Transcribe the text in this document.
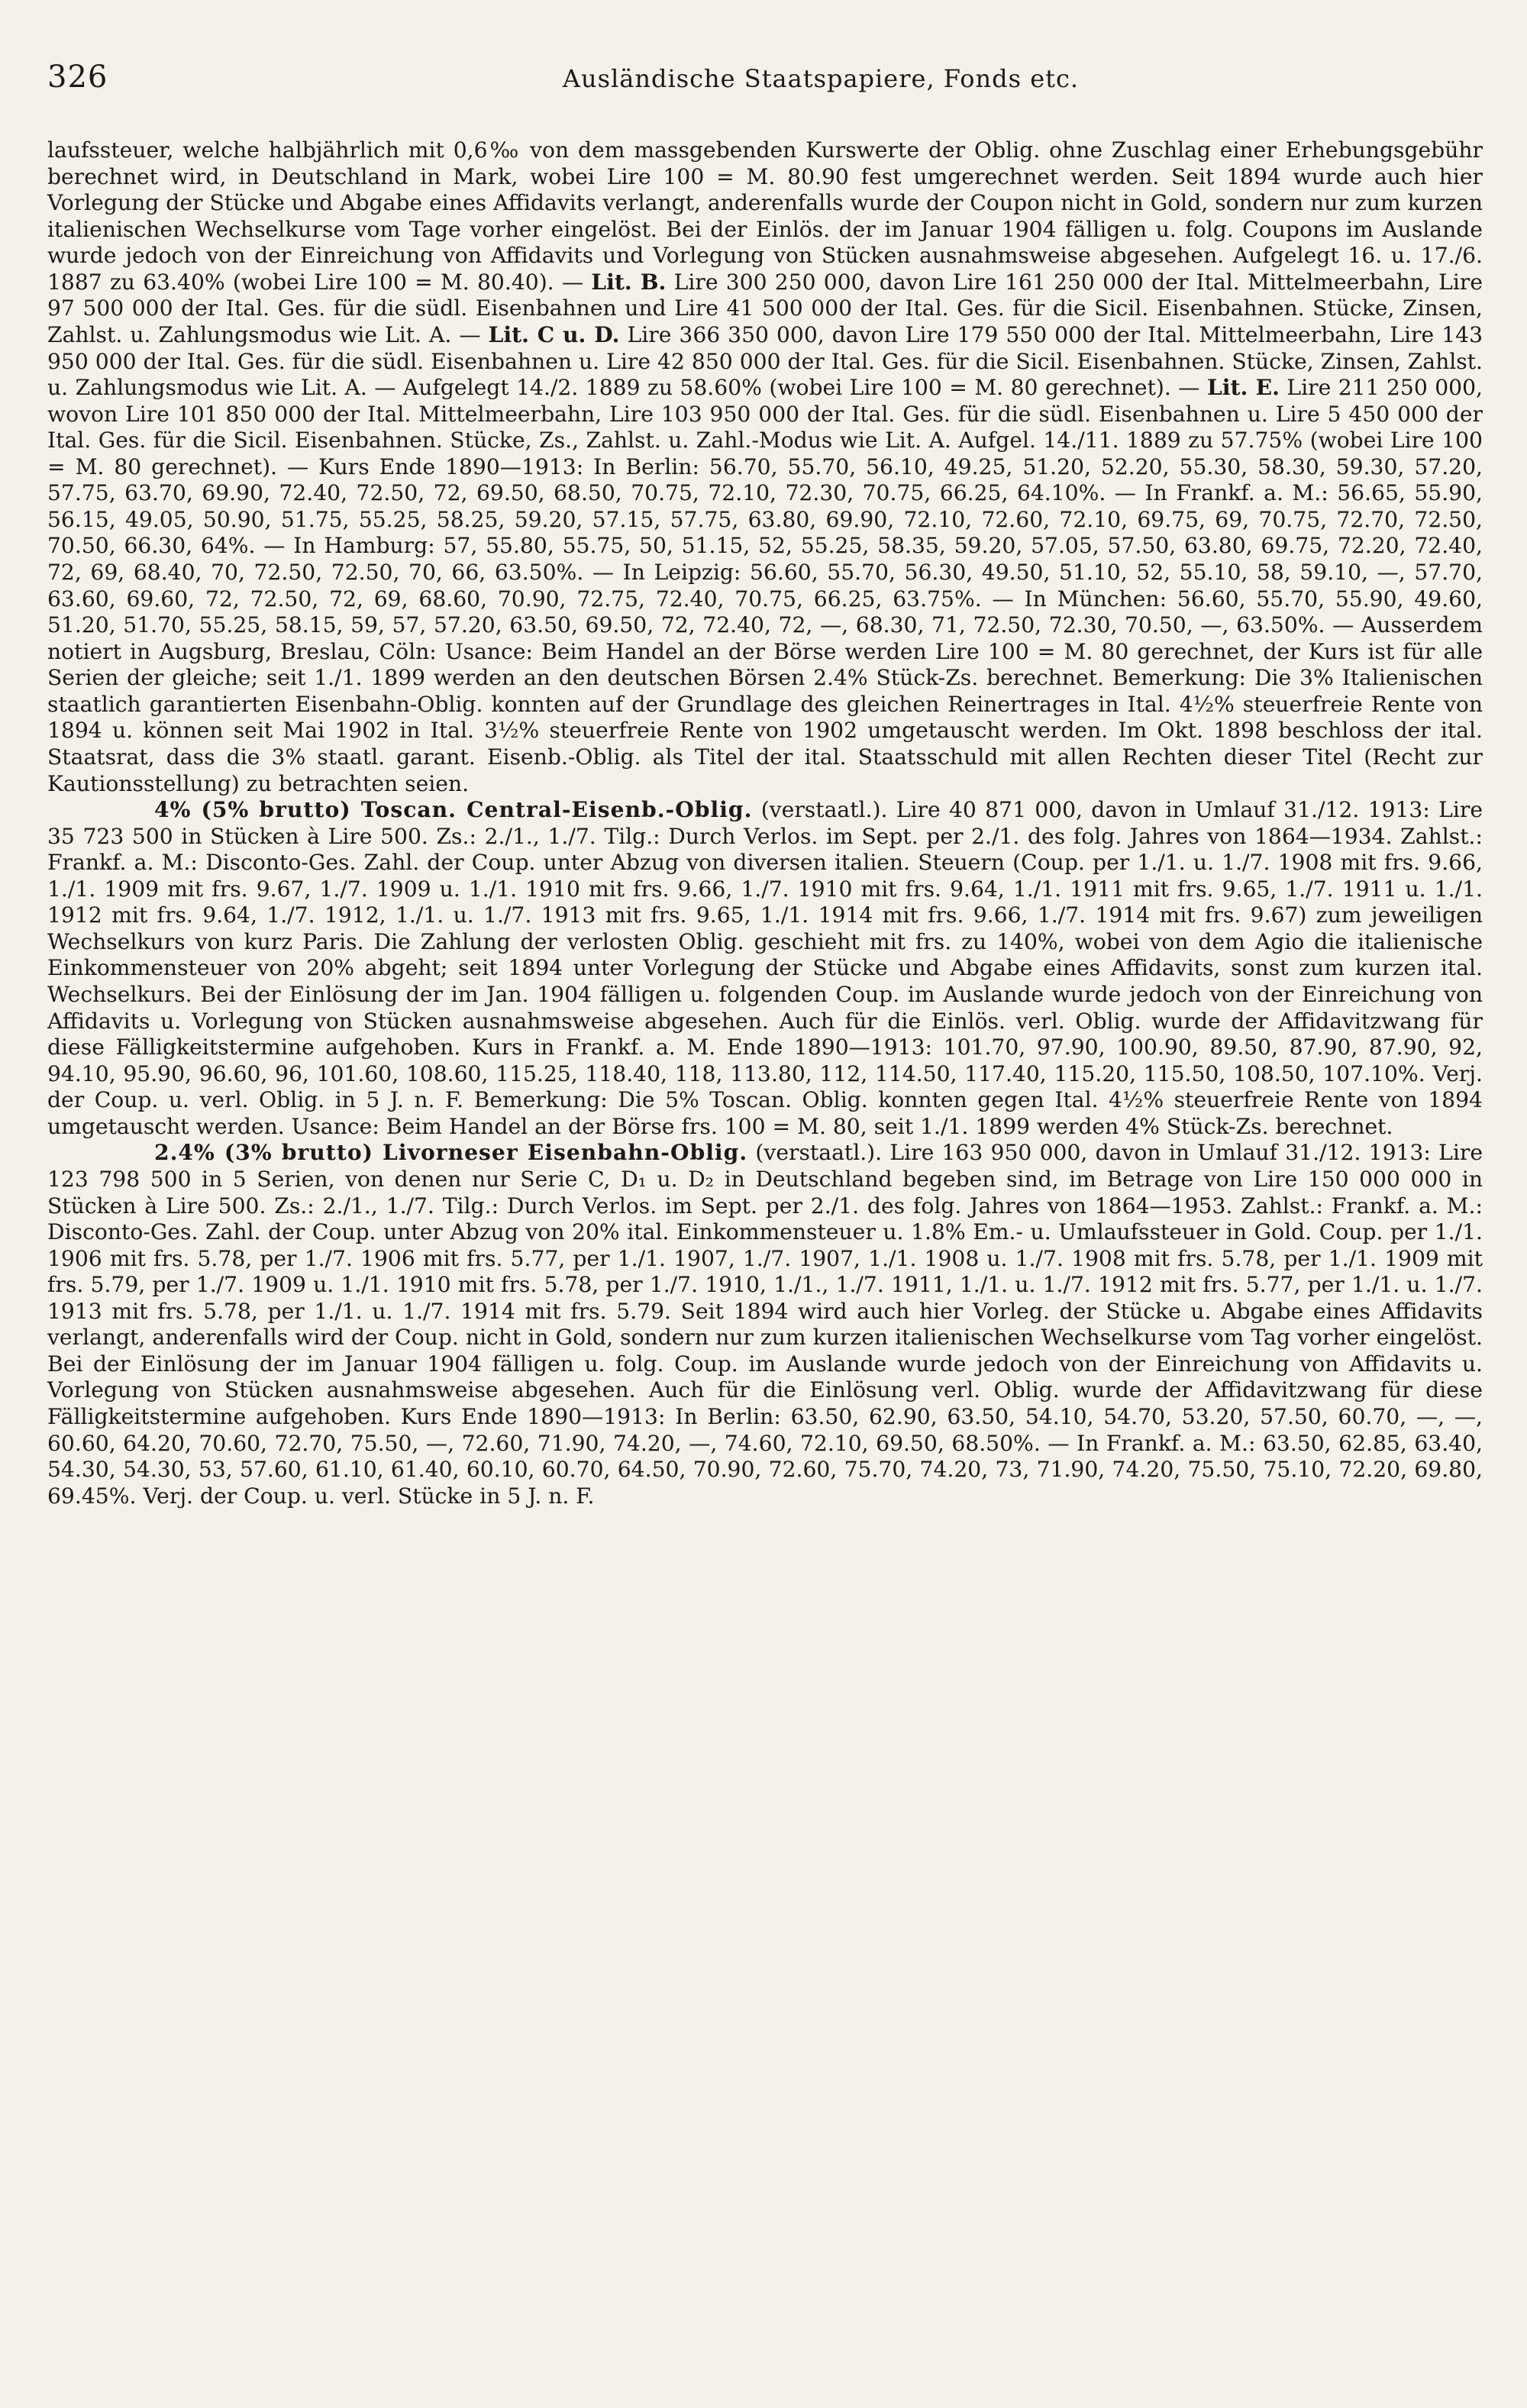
326	Ausländische Staatspapiere, Fonds etc.

laufssteuer, welche halbjährlich mit 0,6‰ von dem massgebenden Kurswerte der Oblig. ohne Zuschlag einer Erhebungsgebühr berechnet wird, in Deutschland in Mark, wobei Lire 100 = M. 80.90 fest umgerechnet werden. Seit 1894 wurde auch hier Vorlegung der Stücke und Abgabe eines Affidavits verlangt, anderenfalls wurde der Coupon nicht in Gold, sondern nur zum kurzen italienischen Wechselkurse vom Tage vorher eingelöst. Bei der Einlös. der im Januar 1904 fälligen u. folg. Coupons im Auslande wurde jedoch von der Einreichung von Affidavits und Vorlegung von Stücken ausnahmsweise abgesehen. Aufgelegt 16. u. 17./6. 1887 zu 63.40% (wobei Lire 100 = M. 80.40). — Lit. B. Lire 300 250 000, davon Lire 161 250 000 der Ital. Mittelmeerbahn, Lire 97 500 000 der Ital. Ges. für die südl. Eisenbahnen und Lire 41 500 000 der Ital. Ges. für die Sicil. Eisenbahnen. Stücke, Zinsen, Zahlst. u. Zahlungsmodus wie Lit. A. — Lit. C u. D. Lire 366 350 000, davon Lire 179 550 000 der Ital. Mittelmeerbahn, Lire 143 950 000 der Ital. Ges. für die südl. Eisenbahnen u. Lire 42 850 000 der Ital. Ges. für die Sicil. Eisenbahnen. Stücke, Zinsen, Zahlst. u. Zahlungsmodus wie Lit. A. — Aufgelegt 14./2. 1889 zu 58.60% (wobei Lire 100 = M. 80 gerechnet). — Lit. E. Lire 211 250 000, wovon Lire 101 850 000 der Ital. Mittelmeerbahn, Lire 103 950 000 der Ital. Ges. für die südl. Eisenbahnen u. Lire 5 450 000 der Ital. Ges. für die Sicil. Eisenbahnen. Stücke, Zs., Zahlst. u. Zahl.-Modus wie Lit. A. Aufgel. 14./11. 1889 zu 57.75% (wobei Lire 100 = M. 80 gerechnet). — Kurs Ende 1890—1913: In Berlin: 56.70, 55.70, 56.10, 49.25, 51.20, 52.20, 55.30, 58.30, 59.30, 57.20, 57.75, 63.70, 69.90, 72.40, 72.50, 72, 69.50, 68.50, 70.75, 72.10, 72.30, 70.75, 66.25, 64.10%. — In Frankf. a. M.: 56.65, 55.90, 56.15, 49.05, 50.90, 51.75, 55.25, 58.25, 59.20, 57.15, 57.75, 63.80, 69.90, 72.10, 72.60, 72.10, 69.75, 69, 70.75, 72.70, 72.50, 70.50, 66.30, 64%. — In Hamburg: 57, 55.80, 55.75, 50, 51.15, 52, 55.25, 58.35, 59.20, 57.05, 57.50, 63.80, 69.75, 72.20, 72.40, 72, 69, 68.40, 70, 72.50, 72.50, 70, 66, 63.50%. — In Leipzig: 56.60, 55.70, 56.30, 49.50, 51.10, 52, 55.10, 58, 59.10, —, 57.70, 63.60, 69.60, 72, 72.50, 72, 69, 68.60, 70.90, 72.75, 72.40, 70.75, 66.25, 63.75%. — In München: 56.60, 55.70, 55.90, 49.60, 51.20, 51.70, 55.25, 58.15, 59, 57, 57.20, 63.50, 69.50, 72, 72.40, 72, —, 68.30, 71, 72.50, 72.30, 70.50, —, 63.50%. — Ausserdem notiert in Augsburg, Breslau, Cöln: Usance: Beim Handel an der Börse werden Lire 100 = M. 80 gerechnet, der Kurs ist für alle Serien der gleiche; seit 1./1. 1899 werden an den deutschen Börsen 2.4% Stück-Zs. berechnet. Bemerkung: Die 3% Italienischen staatlich garantierten Eisenbahn-Oblig. konnten auf der Grundlage des gleichen Reinertrages in Ital. 4½% steuerfreie Rente von 1894 u. können seit Mai 1902 in Ital. 3½% steuerfreie Rente von 1902 umgetauscht werden. Im Okt. 1898 beschloss der ital. Staatsrat, dass die 3% staatl. garant. Eisenb.-Oblig. als Titel der ital. Staatsschuld mit allen Rechten dieser Titel (Recht zur Kautionsstellung) zu betrachten seien.

4% (5% brutto) Toscan. Central-Eisenb.-Oblig. (verstaatl.). Lire 40 871 000, davon in Umlauf 31./12. 1913: Lire 35 723 500 in Stücken à Lire 500. Zs.: 2./1., 1./7. Tilg.: Durch Verlos. im Sept. per 2./1. des folg. Jahres von 1864—1934. Zahlst.: Frankf. a. M.: Disconto-Ges. Zahl. der Coup. unter Abzug von diversen italien. Steuern (Coup. per 1./1. u. 1./7. 1908 mit frs. 9.66, 1./1. 1909 mit frs. 9.67, 1./7. 1909 u. 1./1. 1910 mit frs. 9.66, 1./7. 1910 mit frs. 9.64, 1./1. 1911 mit frs. 9.65, 1./7. 1911 u. 1./1. 1912 mit frs. 9.64, 1./7. 1912, 1./1. u. 1./7. 1913 mit frs. 9.65, 1./1. 1914 mit frs. 9.66, 1./7. 1914 mit frs. 9.67) zum jeweiligen Wechselkurs von kurz Paris. Die Zahlung der verlosten Oblig. geschieht mit frs. zu 140%, wobei von dem Agio die italienische Einkommensteuer von 20% abgeht; seit 1894 unter Vorlegung der Stücke und Abgabe eines Affidavits, sonst zum kurzen ital. Wechselkurs. Bei der Einlösung der im Jan. 1904 fälligen u. folgenden Coup. im Auslande wurde jedoch von der Einreichung von Affidavits u. Vorlegung von Stücken ausnahmsweise abgesehen. Auch für die Einlös. verl. Oblig. wurde der Affidavitzwang für diese Fälligkeitstermine aufgehoben. Kurs in Frankf. a. M. Ende 1890—1913: 101.70, 97.90, 100.90, 89.50, 87.90, 87.90, 92, 94.10, 95.90, 96.60, 96, 101.60, 108.60, 115.25, 118.40, 118, 113.80, 112, 114.50, 117.40, 115.20, 115.50, 108.50, 107.10%. Verj. der Coup. u. verl. Oblig. in 5 J. n. F. Bemerkung: Die 5% Toscan. Oblig. konnten gegen Ital. 4½% steuerfreie Rente von 1894 umgetauscht werden. Usance: Beim Handel an der Börse frs. 100 = M. 80, seit 1./1. 1899 werden 4% Stück-Zs. berechnet.

2.4% (3% brutto) Livorneser Eisenbahn-Oblig. (verstaatl.). Lire 163 950 000, davon in Umlauf 31./12. 1913: Lire 123 798 500 in 5 Serien, von denen nur Serie C, D₁ u. D₂ in Deutschland begeben sind, im Betrage von Lire 150 000 000 in Stücken à Lire 500. Zs.: 2./1., 1./7. Tilg.: Durch Verlos. im Sept. per 2./1. des folg. Jahres von 1864—1953. Zahlst.: Frankf. a. M.: Disconto-Ges. Zahl. der Coup. unter Abzug von 20% ital. Einkommensteuer u. 1.8% Em.- u. Umlaufssteuer in Gold. Coup. per 1./1. 1906 mit frs. 5.78, per 1./7. 1906 mit frs. 5.77, per 1./1. 1907, 1./7. 1907, 1./1. 1908 u. 1./7. 1908 mit frs. 5.78, per 1./1. 1909 mit frs. 5.79, per 1./7. 1909 u. 1./1. 1910 mit frs. 5.78, per 1./7. 1910, 1./1., 1./7. 1911, 1./1. u. 1./7. 1912 mit frs. 5.77, per 1./1. u. 1./7. 1913 mit frs. 5.78, per 1./1. u. 1./7. 1914 mit frs. 5.79. Seit 1894 wird auch hier Vorleg. der Stücke u. Abgabe eines Affidavits verlangt, anderenfalls wird der Coup. nicht in Gold, sondern nur zum kurzen italienischen Wechselkurse vom Tag vorher eingelöst. Bei der Einlösung der im Januar 1904 fälligen u. folg. Coup. im Auslande wurde jedoch von der Einreichung von Affidavits u. Vorlegung von Stücken ausnahmsweise abgesehen. Auch für die Einlösung verl. Oblig. wurde der Affidavitzwang für diese Fälligkeitstermine aufgehoben. Kurs Ende 1890—1913: In Berlin: 63.50, 62.90, 63.50, 54.10, 54.70, 53.20, 57.50, 60.70, —, —, 60.60, 64.20, 70.60, 72.70, 75.50, —, 72.60, 71.90, 74.20, —, 74.60, 72.10, 69.50, 68.50%. — In Frankf. a. M.: 63.50, 62.85, 63.40, 54.30, 54.30, 53, 57.60, 61.10, 61.40, 60.10, 60.70, 64.50, 70.90, 72.60, 75.70, 74.20, 73, 71.90, 74.20, 75.50, 75.10, 72.20, 69.80, 69.45%. Verj. der Coup. u. verl. Stücke in 5 J. n. F.
